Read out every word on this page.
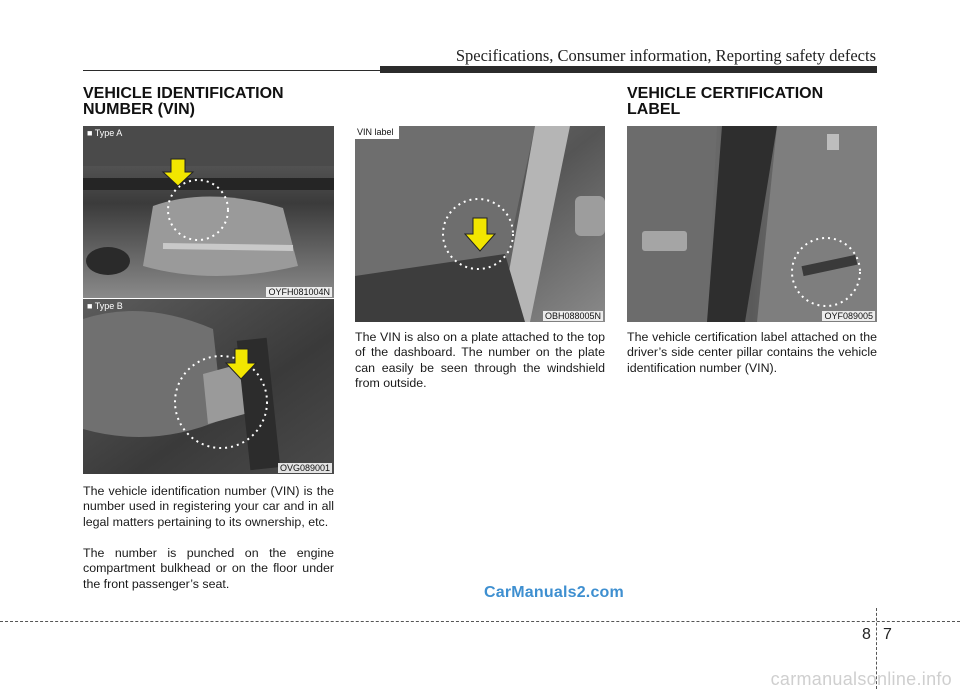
Specifications, Consumer information, Reporting safety defects
VEHICLE IDENTIFICATION
NUMBER (VIN)
■ Type A
OYFH081004N
■ Type B
OVG089001

The vehicle identification number (VIN) is the number used in registering your car and in all legal matters pertaining to its ownership, etc.

The number is punched on the engine compartment bulkhead or on the floor under the front passenger’s seat.

VIN label
OBH088005N

The VIN is also on a plate attached to the top of the dashboard. The number on the plate can easily be seen through the windshield from outside.

VEHICLE CERTIFICATION
LABEL
OYF089005

The vehicle certification label attached on the driver’s side center pillar contains the vehicle identification number (VIN).

CarManuals2.com
8 7
carmanualsonline.info
